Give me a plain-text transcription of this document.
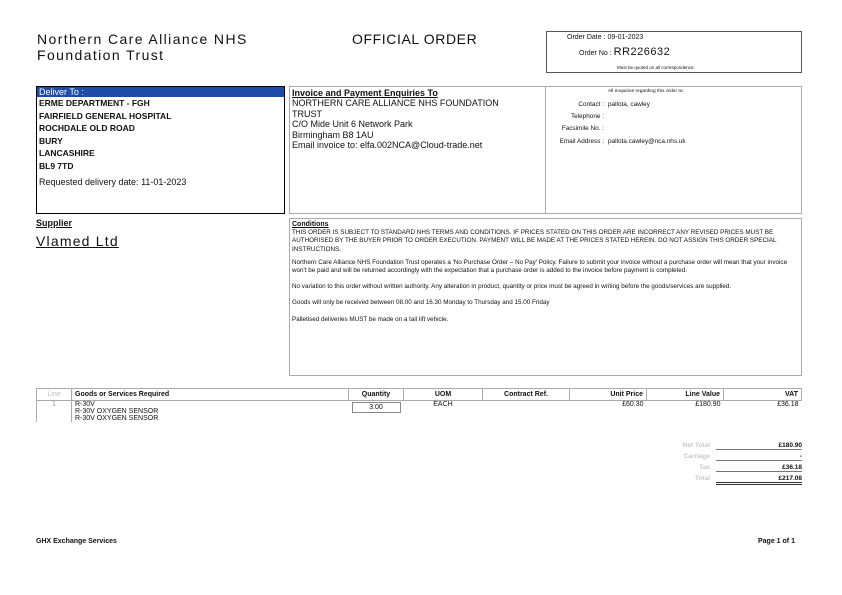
Northern Care Alliance NHS
Foundation Trust
OFFICIAL ORDER	Order Date : 09-01-2023
Order No : RR226632
Must be quoted on all correspondence.
Deliver To :
ERME DEPARTMENT - FGH
FAIRFIELD GENERAL HOSPITAL
ROCHDALE OLD ROAD
BURY
LANCASHIRE
BL9 7TD
Requested delivery date: 11-01-2023
Invoice and Payment Enquiries To
NORTHERN CARE ALLIANCE NHS FOUNDATION
TRUST
C/O Mide Unit 6 Network Park
Birmingham B8 1AU
Email invoice to: elfa.002NCA@Cloud-trade.net
All enquiries regarding this order to:
Contact : pallota, cawley
Telephone :
Facsimile No. :
Email Address : pallota.cawley@nca.nhs.uk
Supplier
Vlamed Ltd
Conditions

THIS ORDER IS SUBJECT TO STANDARD NHS TERMS AND CONDITIONS. IF PRICES STATED ON THIS ORDER ARE INCORRECT ANY REVISED PRICES MUST BE AUTHORISED BY THE BUYER PRIOR TO ORDER EXECUTION. PAYMENT WILL BE MADE AT THE PRICES STATED HEREIN. DO NOT ASSIGN THIS ORDER SPECIAL INSTRUCTIONS.

Northern Care Alliance NHS Foundation Trust operates a 'No Purchase Order – No Pay' Policy. Failure to submit your invoice without a purchase order will mean that your invoice won't be paid and will be returned accordingly with the expectation that a purchase order is added to the invoice before payment is completed.

No variation to this order without written authority. Any alteration in product, quantity or price must be agreed in writing before the goods/services are supplied.

Goods will only be received between 08.00 and 16.30 Monday to Thursday and 15.00 Friday

Palletised deliveries MUST be made on a tail lift vehicle.

Line	Goods or Services Required	Quantity	UOM	Contract Ref.	Unit Price	Line Value	VAT
1	R-30V
R-30V OXYGEN SENSOR
R-30V OXYGEN SENSOR	3.00	EACH		£60.30	£180.90	£36.18
Net Total	£180.90
Carriage	-
Tax	£36.18
Total	£217.08
GHX Exchange Services	Page 1 of 1
